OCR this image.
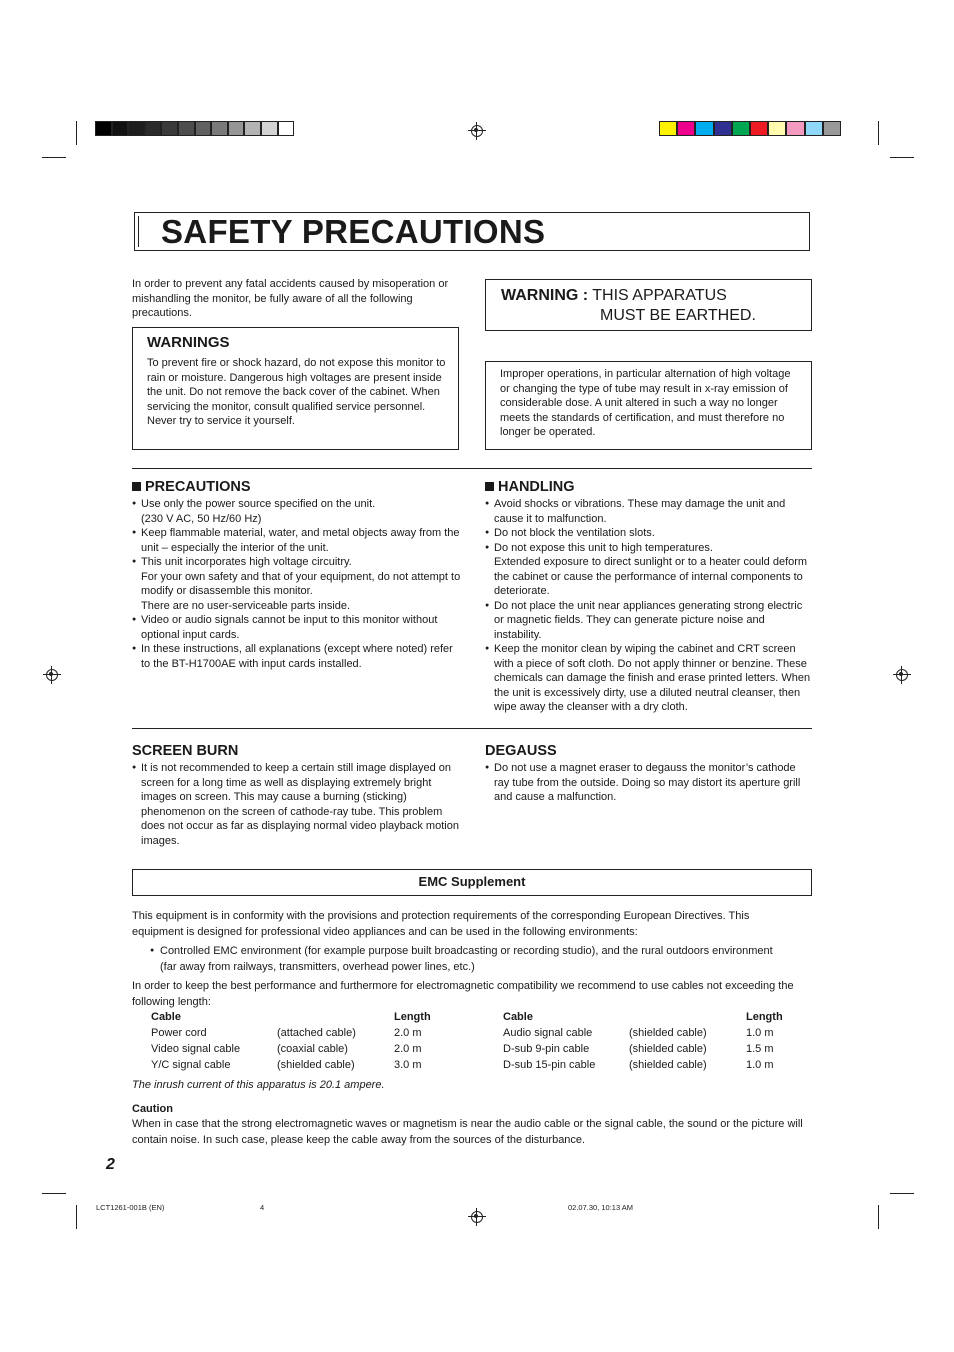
SAFETY PRECAUTIONS
In order to prevent any fatal accidents caused by misoperation or mishandling the monitor, be fully aware of all the following precautions.
WARNINGS
To prevent fire or shock hazard, do not expose this monitor to rain or moisture. Dangerous high voltages are present inside the unit. Do not remove the back cover of the cabinet. When servicing the monitor, consult qualified service personnel. Never try to service it yourself.
WARNING : THIS APPARATUS
MUST BE EARTHED.
Improper operations, in particular alternation of high voltage or changing the type of tube may result in x-ray emission of considerable dose. A unit altered in such a way no longer meets the standards of certification, and must therefore no longer be operated.
PRECAUTIONS
● Use only the power source specified on the unit.
(230 V AC, 50 Hz/60 Hz)
● Keep flammable material, water, and metal objects away from the unit – especially the interior of the unit.
● This unit incorporates high voltage circuitry.
For your own safety and that of your equipment, do not attempt to modify or disassemble this monitor.
There are no user-serviceable parts inside.
● Video or audio signals cannot be input to this monitor without optional input cards.
● In these instructions, all explanations (except where noted) refer to the BT-H1700AE with input cards installed.
HANDLING
● Avoid shocks or vibrations. These may damage the unit and cause it to malfunction.
● Do not block the ventilation slots.
● Do not expose this unit to high temperatures.
Extended exposure to direct sunlight or to a heater could deform the cabinet or cause the performance of internal components to deteriorate.
● Do not place the unit near appliances generating strong electric or magnetic fields. They can generate picture noise and instability.
● Keep the monitor clean by wiping the cabinet and CRT screen with a piece of soft cloth. Do not apply thinner or benzine. These chemicals can damage the finish and erase printed letters. When the unit is excessively dirty, use a diluted neutral cleanser, then wipe away the cleanser with a dry cloth.
SCREEN BURN
● It is not recommended to keep a certain still image displayed on screen for a long time as well as displaying extremely bright images on screen. This may cause a burning (sticking) phenomenon on the screen of cathode-ray tube. This problem does not occur as far as displaying normal video playback motion images.
DEGAUSS
● Do not use a magnet eraser to degauss the monitor’s cathode ray tube from the outside. Doing so may distort its aperture grill and cause a malfunction.
EMC Supplement
This equipment is in conformity with the provisions and protection requirements of the corresponding European Directives. This equipment is designed for professional video appliances and can be used in the following environments:
● Controlled EMC environment (for example purpose built broadcasting or recording studio), and the rural outdoors environment (far away from railways, transmitters, overhead power lines, etc.)
In order to keep the best performance and furthermore for electromagnetic compatibility we recommend to use cables not exceeding the following length:
Cable		Length
Power cord	(attached cable)	2.0 m
Video signal cable	(coaxial cable)	2.0 m
Y/C signal cable	(shielded cable)	3.0 m
Cable		Length
Audio signal cable	(shielded cable)	1.0 m
D-sub 9-pin cable	(shielded cable)	1.5 m
D-sub 15-pin cable	(shielded cable)	1.0 m
The inrush current of this apparatus is 20.1 ampere.
Caution
When in case that the strong electromagnetic waves or magnetism is near the audio cable or the signal cable, the sound or the picture will contain noise. In such case, please keep the cable away from the sources of the disturbance.
2
LCT1261-001B (EN)	4	02.07.30, 10:13 AM
